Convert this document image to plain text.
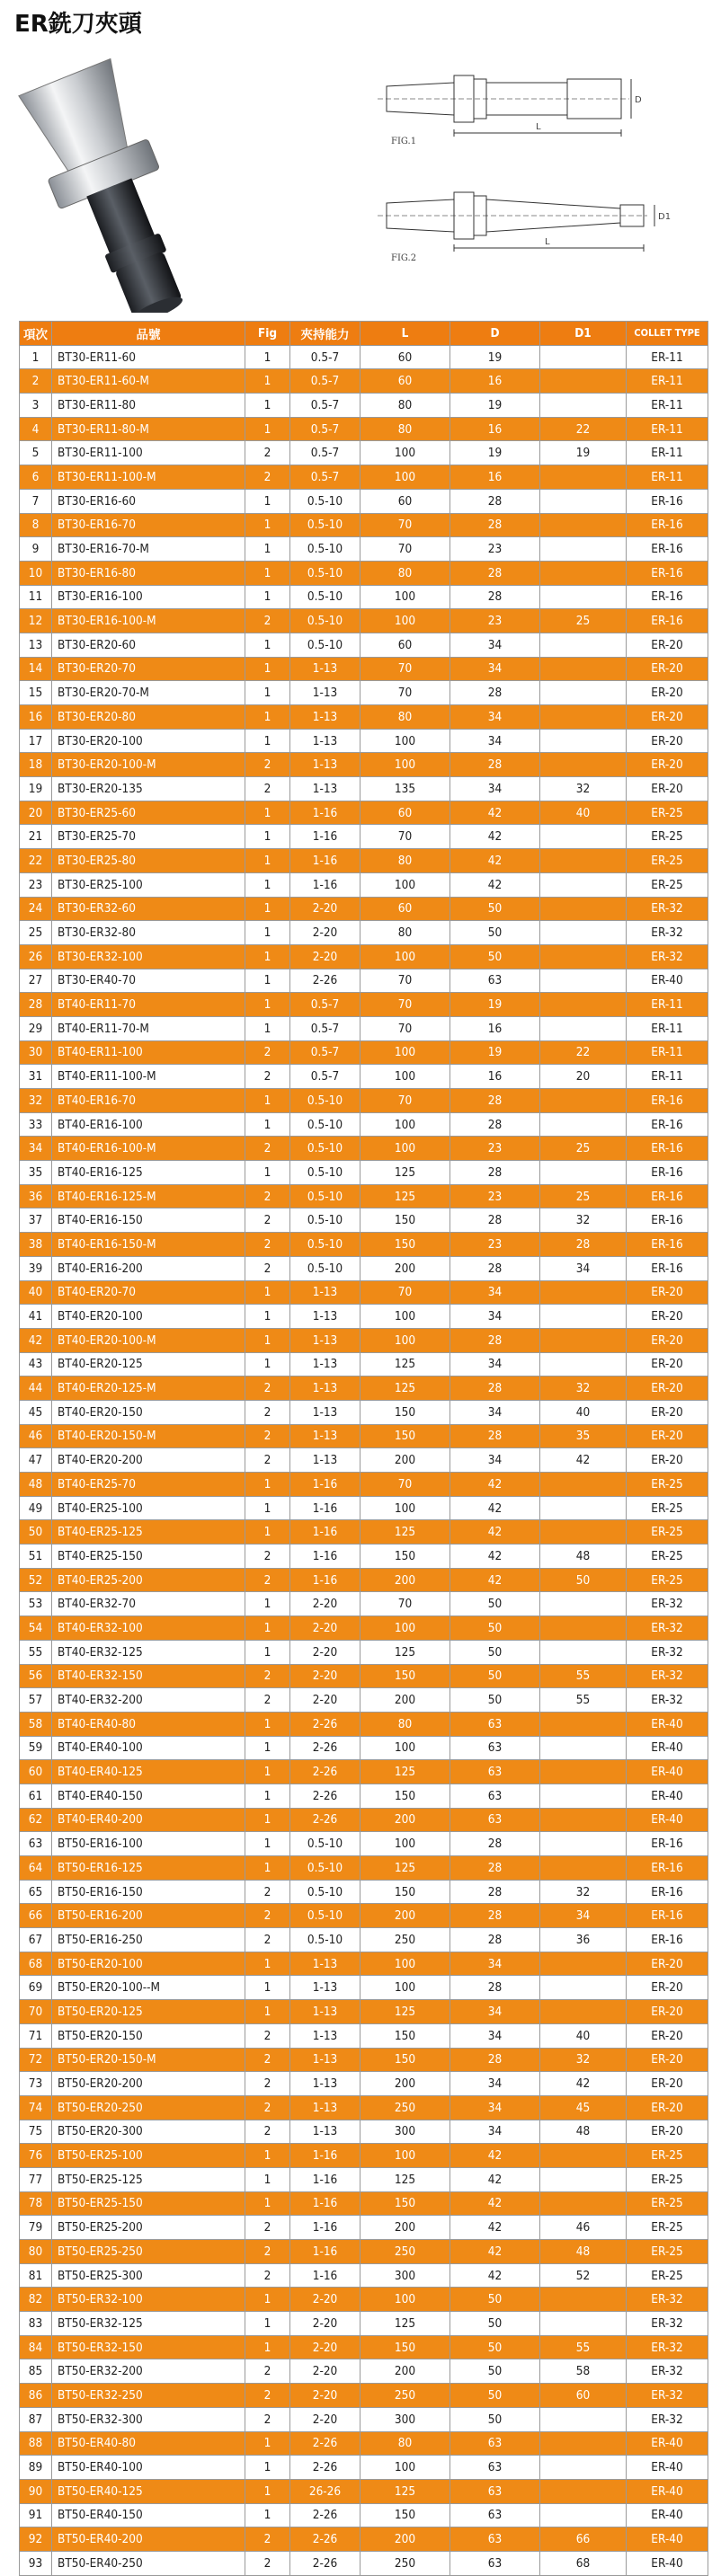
ER銑刀夾頭
FIG.1
L
D
FIG.2
L
D1
項次	品號	Fig	夾持能力	L	D	D1	COLLET TYPE
1	BT30-ER11-60	1	0.5-7	60	19		ER-11
2	BT30-ER11-60-M	1	0.5-7	60	16		ER-11
3	BT30-ER11-80	1	0.5-7	80	19		ER-11
4	BT30-ER11-80-M	1	0.5-7	80	16	22	ER-11
5	BT30-ER11-100	2	0.5-7	100	19	19	ER-11
6	BT30-ER11-100-M	2	0.5-7	100	16		ER-11
7	BT30-ER16-60	1	0.5-10	60	28		ER-16
8	BT30-ER16-70	1	0.5-10	70	28		ER-16
9	BT30-ER16-70-M	1	0.5-10	70	23		ER-16
10	BT30-ER16-80	1	0.5-10	80	28		ER-16
11	BT30-ER16-100	1	0.5-10	100	28		ER-16
12	BT30-ER16-100-M	2	0.5-10	100	23	25	ER-16
13	BT30-ER20-60	1	0.5-10	60	34		ER-20
14	BT30-ER20-70	1	1-13	70	34		ER-20
15	BT30-ER20-70-M	1	1-13	70	28		ER-20
16	BT30-ER20-80	1	1-13	80	34		ER-20
17	BT30-ER20-100	1	1-13	100	34		ER-20
18	BT30-ER20-100-M	2	1-13	100	28		ER-20
19	BT30-ER20-135	2	1-13	135	34	32	ER-20
20	BT30-ER25-60	1	1-16	60	42	40	ER-25
21	BT30-ER25-70	1	1-16	70	42		ER-25
22	BT30-ER25-80	1	1-16	80	42		ER-25
23	BT30-ER25-100	1	1-16	100	42		ER-25
24	BT30-ER32-60	1	2-20	60	50		ER-32
25	BT30-ER32-80	1	2-20	80	50		ER-32
26	BT30-ER32-100	1	2-20	100	50		ER-32
27	BT30-ER40-70	1	2-26	70	63		ER-40
28	BT40-ER11-70	1	0.5-7	70	19		ER-11
29	BT40-ER11-70-M	1	0.5-7	70	16		ER-11
30	BT40-ER11-100	2	0.5-7	100	19	22	ER-11
31	BT40-ER11-100-M	2	0.5-7	100	16	20	ER-11
32	BT40-ER16-70	1	0.5-10	70	28		ER-16
33	BT40-ER16-100	1	0.5-10	100	28		ER-16
34	BT40-ER16-100-M	2	0.5-10	100	23	25	ER-16
35	BT40-ER16-125	1	0.5-10	125	28		ER-16
36	BT40-ER16-125-M	2	0.5-10	125	23	25	ER-16
37	BT40-ER16-150	2	0.5-10	150	28	32	ER-16
38	BT40-ER16-150-M	2	0.5-10	150	23	28	ER-16
39	BT40-ER16-200	2	0.5-10	200	28	34	ER-16
40	BT40-ER20-70	1	1-13	70	34		ER-20
41	BT40-ER20-100	1	1-13	100	34		ER-20
42	BT40-ER20-100-M	1	1-13	100	28		ER-20
43	BT40-ER20-125	1	1-13	125	34		ER-20
44	BT40-ER20-125-M	2	1-13	125	28	32	ER-20
45	BT40-ER20-150	2	1-13	150	34	40	ER-20
46	BT40-ER20-150-M	2	1-13	150	28	35	ER-20
47	BT40-ER20-200	2	1-13	200	34	42	ER-20
48	BT40-ER25-70	1	1-16	70	42		ER-25
49	BT40-ER25-100	1	1-16	100	42		ER-25
50	BT40-ER25-125	1	1-16	125	42		ER-25
51	BT40-ER25-150	2	1-16	150	42	48	ER-25
52	BT40-ER25-200	2	1-16	200	42	50	ER-25
53	BT40-ER32-70	1	2-20	70	50		ER-32
54	BT40-ER32-100	1	2-20	100	50		ER-32
55	BT40-ER32-125	1	2-20	125	50		ER-32
56	BT40-ER32-150	2	2-20	150	50	55	ER-32
57	BT40-ER32-200	2	2-20	200	50	55	ER-32
58	BT40-ER40-80	1	2-26	80	63		ER-40
59	BT40-ER40-100	1	2-26	100	63		ER-40
60	BT40-ER40-125	1	2-26	125	63		ER-40
61	BT40-ER40-150	1	2-26	150	63		ER-40
62	BT40-ER40-200	1	2-26	200	63		ER-40
63	BT50-ER16-100	1	0.5-10	100	28		ER-16
64	BT50-ER16-125	1	0.5-10	125	28		ER-16
65	BT50-ER16-150	2	0.5-10	150	28	32	ER-16
66	BT50-ER16-200	2	0.5-10	200	28	34	ER-16
67	BT50-ER16-250	2	0.5-10	250	28	36	ER-16
68	BT50-ER20-100	1	1-13	100	34		ER-20
69	BT50-ER20-100--M	1	1-13	100	28		ER-20
70	BT50-ER20-125	1	1-13	125	34		ER-20
71	BT50-ER20-150	2	1-13	150	34	40	ER-20
72	BT50-ER20-150-M	2	1-13	150	28	32	ER-20
73	BT50-ER20-200	2	1-13	200	34	42	ER-20
74	BT50-ER20-250	2	1-13	250	34	45	ER-20
75	BT50-ER20-300	2	1-13	300	34	48	ER-20
76	BT50-ER25-100	1	1-16	100	42		ER-25
77	BT50-ER25-125	1	1-16	125	42		ER-25
78	BT50-ER25-150	1	1-16	150	42		ER-25
79	BT50-ER25-200	2	1-16	200	42	46	ER-25
80	BT50-ER25-250	2	1-16	250	42	48	ER-25
81	BT50-ER25-300	2	1-16	300	42	52	ER-25
82	BT50-ER32-100	1	2-20	100	50		ER-32
83	BT50-ER32-125	1	2-20	125	50		ER-32
84	BT50-ER32-150	1	2-20	150	50	55	ER-32
85	BT50-ER32-200	2	2-20	200	50	58	ER-32
86	BT50-ER32-250	2	2-20	250	50	60	ER-32
87	BT50-ER32-300	2	2-20	300	50		ER-32
88	BT50-ER40-80	1	2-26	80	63		ER-40
89	BT50-ER40-100	1	2-26	100	63		ER-40
90	BT50-ER40-125	1	26-26	125	63		ER-40
91	BT50-ER40-150	1	2-26	150	63		ER-40
92	BT50-ER40-200	2	2-26	200	63	66	ER-40
93	BT50-ER40-250	2	2-26	250	63	68	ER-40
